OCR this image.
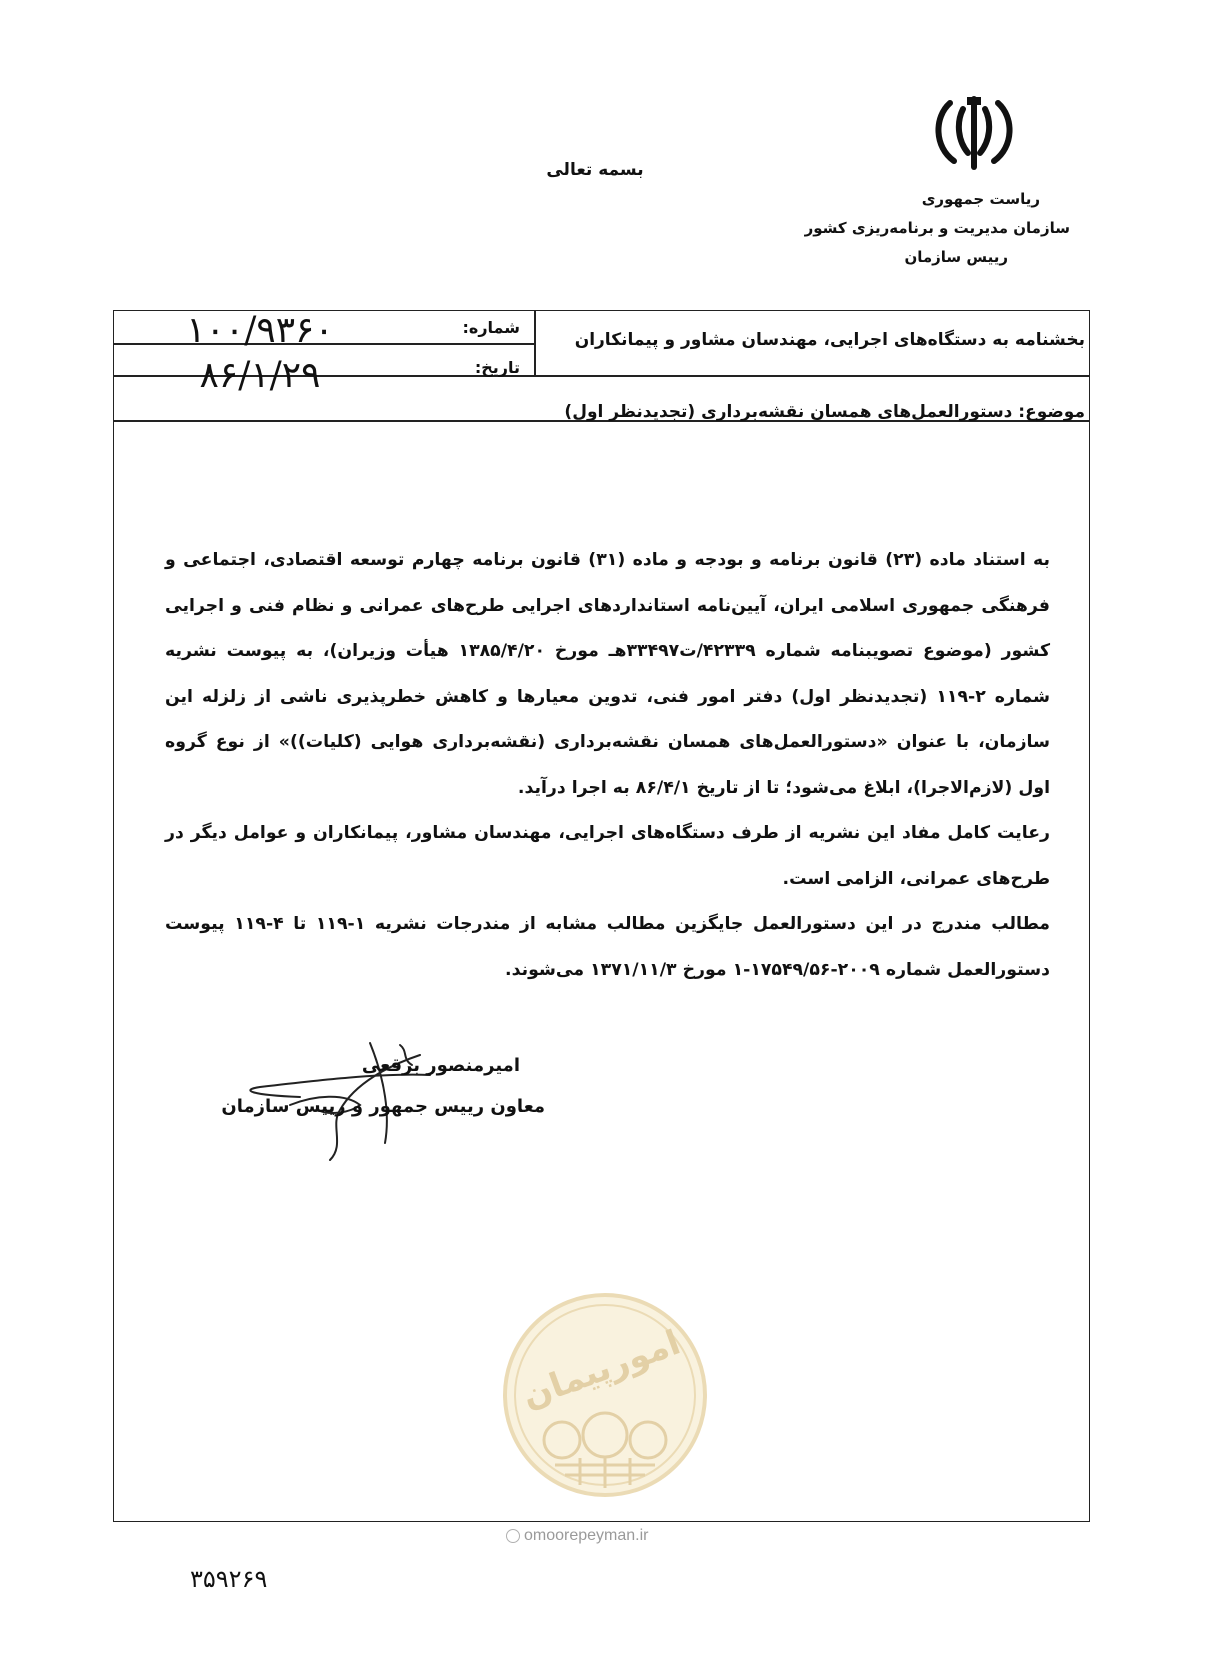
بسمه تعالی
ریاست جمهوری
سازمان مدیریت و برنامه‌ریزی کشور
رییس سازمان
بخشنامه به دستگاه‌های اجرایی، مهندسان مشاور و پیمانکاران
شماره:
۱۰۰/۹۳۶۰
تاریخ:
۸۶/۱/۲۹
موضوع: دستورالعمل‌های همسان نقشه‌برداری (تجدیدنظر اول)

به استناد ماده (۲۳) قانون برنامه و بودجه و ماده (۳۱) قانون برنامه چهارم توسعه اقتصادی، اجتماعی و فرهنگی جمهوری اسلامی ایران، آیین‌نامه استانداردهای اجرایی طرح‌های عمرانی و نظام فنی و اجرایی کشور (موضوع تصویبنامه شماره ۴۲۳۳۹/ت۳۳۴۹۷هـ مورخ ۱۳۸۵/۴/۲۰ هیأت وزیران)، به پیوست نشریه شماره ۲-۱۱۹ (تجدیدنظر اول) دفتر امور فنی، تدوین معیارها و کاهش خطرپذیری ناشی از زلزله این سازمان، با عنوان «دستورالعمل‌های همسان نقشه‌برداری (نقشه‌برداری هوایی (کلیات))» از نوع گروه اول (لازم‌الاجرا)، ابلاغ می‌شود؛ تا از تاریخ ۸۶/۴/۱ به اجرا درآید.

رعایت کامل مفاد این نشریه از طرف دستگاه‌های اجرایی، مهندسان مشاور، پیمانکاران و عوامل دیگر در طرح‌های عمرانی، الزامی است.

مطالب مندرج در این دستورالعمل جایگزین مطالب مشابه از مندرجات نشریه ۱-۱۱۹ تا ۴-۱۱۹ پیوست دستورالعمل شماره ۲۰۰۹-۱۷۵۴۹/۵۶-۱ مورخ ۱۳۷۱/۱۱/۳ می‌شوند.

امیرمنصور برقعی
معاون رییس جمهور و رییس سازمان
امورپیمان
omoorepeyman.ir
۳۵۹۲۶۹
